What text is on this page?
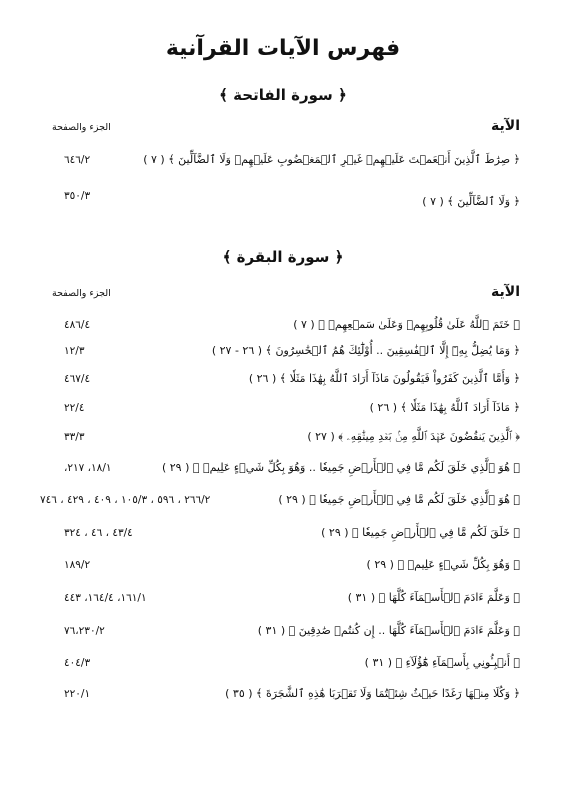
فهرس الآيات القرآنية
﴿ سورة الفاتحة ﴾
الآية
الجزء والصفحة
﴿ صِرَٰطَ ٱلَّذِينَ أَنۡعَمۡتَ عَلَيۡهِمۡ غَيۡرِ ٱلۡمَغۡضُوبِ عَلَيۡهِمۡ وَلَا ٱلضَّآلِّينَ ﴾ ( ٧ )
٦٤٦/٢
﴿ وَلَا ٱلضَّآلِّينَ ﴾ ( ٧ )
٣٥٠/٣
﴿ سورة البقرة ﴾
الآية
الجزء والصفحة
﴿ خَتَمَ ٱللَّهُ عَلَىٰ قُلُوبِهِمۡ وَعَلَىٰ سَمۡعِهِمۡ ﴾ ( ٧ )
٤٨٦/٤
﴿ وَمَا يُضِلُّ بِهِۦٓ إِلَّا ٱلۡفَٰسِقِينَ .. أُوْلَٰٓئِكَ هُمُ ٱلۡخَٰسِرُونَ ﴾ ( ٢٦ - ٢٧ )
١٢/٣
﴿ وَأَمَّا ٱلَّذِينَ كَفَرُواْ فَيَقُولُونَ مَاذَآ أَرَادَ ٱللَّهُ بِهَٰذَا مَثَلٗا ﴾ ( ٢٦ )
٤٦٧/٤
﴿ مَاذَآ أَرَادَ ٱللَّهُ بِهَٰذَا مَثَلٗا ﴾ ( ٢٦ )
٢٢/٤
﴿ ٱلَّذِينَ يَنقُضُونَ عَهۡدَ ٱللَّهِ مِنۢ بَعۡدِ مِيثَٰقِهِۦ ﴾ ( ٢٧ )
٣٣/٣
﴿ هُوَ ٱلَّذِي خَلَقَ لَكُم مَّا فِي ٱلۡأَرۡضِ جَمِيعٗا .. وَهُوَ بِكُلِّ شَيۡءٍ عَلِيمٞ ﴾ ( ٢٩ )
١٨/١، ٢١٧،
﴿ هُوَ ٱلَّذِي خَلَقَ لَكُم مَّا فِي ٱلۡأَرۡضِ جَمِيعٗا ﴾ ( ٢٩ )
٢٦٦/٢ ، ٥٩٦ ، ١٠٥/٣ ، ٤٠٩ ، ٤٢٩ ، ٧٤٦
﴿ خَلَقَ لَكُم مَّا فِي ٱلۡأَرۡضِ جَمِيعٗا ﴾ ( ٢٩ )
٤٣/٤ ، ٤٦ ، ٣٢٤
﴿ وَهُوَ بِكُلِّ شَيۡءٍ عَلِيمٞ ﴾ ( ٢٩ )
١٨٩/٢
﴿ وَعَلَّمَ ءَادَمَ ٱلۡأَسۡمَآءَ كُلَّهَا ﴾ ( ٣١ )
١٦١/١، ١٦٤/٤، ٤٤٣
﴿ وَعَلَّمَ ءَادَمَ ٱلۡأَسۡمَآءَ كُلَّهَا .. إِن كُنتُمۡ صَٰدِقِينَ ﴾ ( ٣١ )
٧٦،٢٣٠/٢
﴿ أَنۢبِـُٔونِي بِأَسۡمَآءِ هَٰٓؤُلَآءِ ﴾ ( ٣١ )
٤٠٤/٣
﴿ وَكُلَا مِنۡهَا رَغَدًا حَيۡثُ شِئۡتُمَا وَلَا تَقۡرَبَا هَٰذِهِ ٱلشَّجَرَةَ ﴾ ( ٣٥ )
٢٢٠/١
